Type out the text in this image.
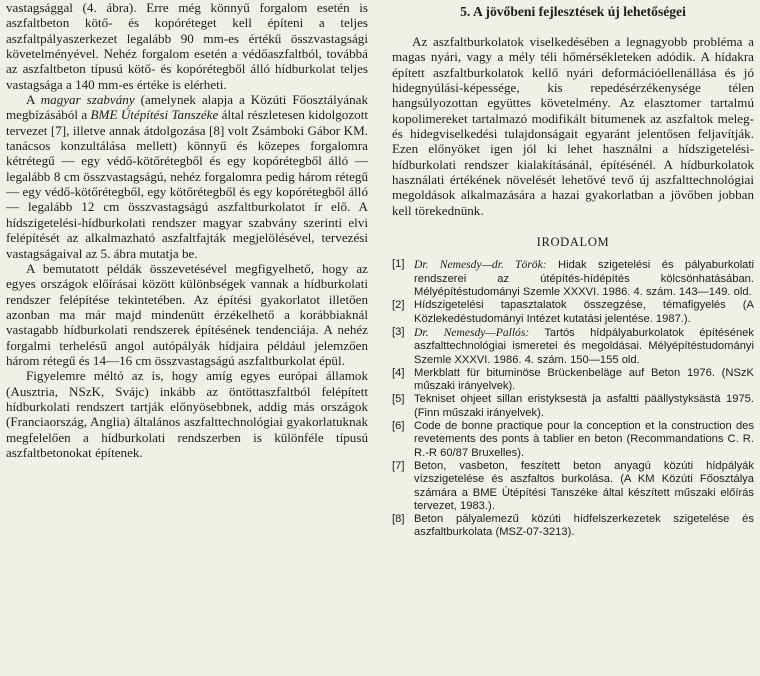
vastagsággal (4. ábra). Erre még könnyű forgalom esetén is aszfaltbeton kötő- és kopóréteget kell építeni a teljes aszfaltpályaszerkezet legalább 90 mm-es értékű összvastagsági követelményével. Nehéz forgalom esetén a védőaszfaltból, továbbá az aszfaltbeton típusú kötő- és kopórétegből álló hídburkolat teljes vastagsága a 140 mm-es értéke is elérheti.

A magyar szabvány (amelynek alapja a Közúti Főosztályának megbízásából a BME Útépítési Tanszéke által részletesen kidolgozott tervezet [7], illetve annak átdolgozása [8] volt Zsámboki Gábor KM. tanácsos konzultálása mellett) könnyű és közepes forgalomra kétrétegű — egy védő-kötőrétegből és egy kopórétegből álló — legalább 8 cm összvastagságú, nehéz forgalomra pedig három rétegű — egy védő-kötőrétegből, egy kötőrétegből és egy kopórétegből álló — legalább 12 cm összvastagságú aszfaltburkolatot ír elő. A hídszigetelési-hídburkolati rendszer magyar szabvány szerinti elvi felépítését az alkalmazható aszfaltfajták megjelölésével, tervezési vastagságaival az 5. ábra mutatja be.

A bemutatott példák összevetésével megfigyelhető, hogy az egyes országok előírásai között különbségek vannak a hídburkolati rendszer felépítése tekintetében. Az építési gyakorlatot illetően azonban ma már majd mindenütt érzékelhető a korábbiaknál vastagabb hídburkolati rendszerek építésének tendenciája. A nehéz forgalmi terhelésű angol autópályák hídjaira például jelemzően három rétegű és 14—16 cm összvastagságú aszfaltburkolat épül.

Figyelemre méltó az is, hogy amíg egyes európai államok (Ausztria, NSzK, Svájc) inkább az öntöttaszfaltból felépített hídburkolati rendszert tartják előnyösebbnek, addig más országok (Franciaország, Anglia) általános aszfalttechnológiai gyakorlatuknak megfelelően a hídburkolati rendszerben is különféle típusú aszfaltbetonokat építenek.

5. A jövőbeni fejlesztések új lehetőségei

Az aszfaltburkolatok viselkedésében a legnagyobb probléma a magas nyári, vagy a mély téli hőmérsékleteken adódik. A hídakra épített aszfaltburkolatok kellő nyári deformációellenállása és jó hidegnyúlási-képessége, kis repedésérzékenysége télen hangsúlyozottan együttes követelmény. Az elasztomer tartalmú kopolimereket tartalmazó modifikált bitumenek az aszfaltok meleg- és hidegviselkedési tulajdonságait egyaránt jelentősen feljavítják. Ezen előnyöket igen jól ki lehet használni a hídszigetelési-hídburkolati rendszer kialakításánál, építésénél. A hídburkolatok használati értékének növelését lehetővé tevő új aszfalttechnológiai megoldások alkalmazására a hazai gyakorlatban a jövőben jobban kell törekednünk.

IRODALOM

[1] Dr. Nemesdy—dr. Török: Hidak szigetelési és pályaburkolati rendszerei az útépítés-hídépítés kölcsönhatásában. Mélyépítéstudományi Szemle XXXVI. 1986. 4. szám. 143—149. old.
[2] Hídszigetelési tapasztalatok összegzése, témafigyelés (A Közlekedéstudományi Intézet kutatási jelentése. 1987.).
[3] Dr. Nemesdy—Pallós: Tartós hídpályaburkolatok építésének aszfalttechnológiai ismeretei és megoldásai. Mélyépítéstudományi Szemle XXXVI. 1986. 4. szám. 150—155 old.
[4] Merkblatt für bituminöse Brückenbeläge auf Beton 1976. (NSzK műszaki irányelvek).
[5] Tekniset ohjeet sillan eristyksestä ja asfaltti päällystyksästä 1975. (Finn műszaki irányelvek).
[6] Code de bonne practique pour la conception et la construction des revetements des ponts à tablier en beton (Recommandations C. R. R.-R 60/87 Bruxelles).
[7] Beton, vasbeton, feszített beton anyagú közúti hídpályák vízszigetelése és aszfaltos burkolása. (A KM Közúti Főosztálya számára a BME Útépítési Tanszéke által készített műszaki előírás tervezet, 1983.).
[8] Beton pályalemezű közúti hídfelszerkezetek szigetelése és aszfaltburkolata (MSZ-07-3213).
